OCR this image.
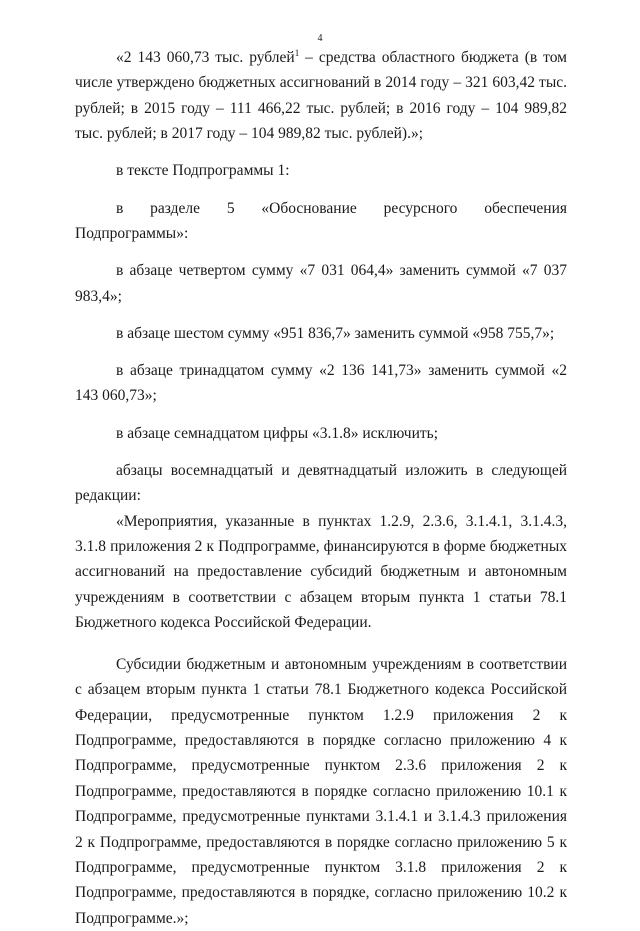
4

«2 143 060,73 тыс. рублей$^1$ – средства областного бюджета (в том числе утверждено бюджетных ассигнований в 2014 году – 321 603,42 тыс. рублей; в 2015 году – 111 466,22 тыс. рублей; в 2016 году – 104 989,82 тыс. рублей; в 2017 году – 104 989,82 тыс. рублей).»;

в тексте Подпрограммы 1:

в разделе 5 «Обоснование ресурсного обеспечения Подпрограммы»:

в абзаце четвертом сумму «7 031 064,4» заменить суммой «7 037 983,4»;

в абзаце шестом сумму «951 836,7» заменить суммой «958 755,7»;

в абзаце тринадцатом сумму «2 136 141,73» заменить суммой «2 143 060,73»;

в абзаце семнадцатом цифры «3.1.8» исключить;

абзацы восемнадцатый и девятнадцатый изложить в следующей редакции:

«Мероприятия, указанные в пунктах 1.2.9, 2.3.6, 3.1.4.1, 3.1.4.3, 3.1.8 приложения 2 к Подпрограмме, финансируются в форме бюджетных ассигнований на предоставление субсидий бюджетным и автономным учреждениям в соответствии с абзацем вторым пункта 1 статьи 78.1 Бюджетного кодекса Российской Федерации.

Субсидии бюджетным и автономным учреждениям в соответствии с абзацем вторым пункта 1 статьи 78.1 Бюджетного кодекса Российской Федерации, предусмотренные пунктом 1.2.9 приложения 2 к Подпрограмме, предоставляются в порядке согласно приложению 4 к Подпрограмме, предусмотренные пунктом 2.3.6 приложения 2 к Подпрограмме, предоставляются в порядке согласно приложению 10.1 к Подпрограмме, предусмотренные пунктами 3.1.4.1 и 3.1.4.3 приложения 2 к Подпрограмме, предоставляются в порядке согласно приложению 5 к Подпрограмме, предусмотренные пунктом 3.1.8 приложения 2 к Подпрограмме, предоставляются в порядке, согласно приложению 10.2 к Подпрограмме.»;
